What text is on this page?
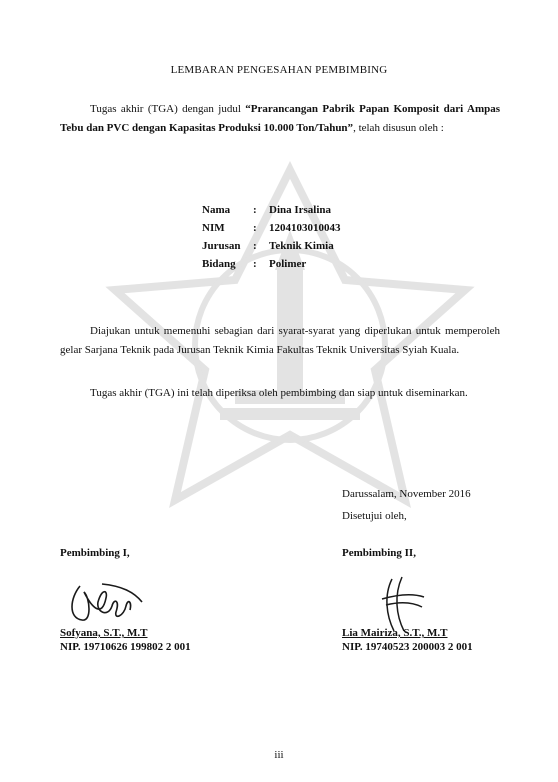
LEMBARAN PENGESAHAN PEMBIMBING
Tugas akhir (TGA) dengan judul “Prarancangan Pabrik Papan Komposit dari Ampas Tebu dan PVC dengan Kapasitas Produksi 10.000 Ton/Tahun”, telah disusun oleh :
Nama	:	Dina Irsalina
NIM	:	1204103010043
Jurusan	:	Teknik Kimia
Bidang	:	Polimer
Diajukan untuk memenuhi sebagian dari syarat-syarat yang diperlukan untuk memperoleh gelar Sarjana Teknik pada Jurusan Teknik Kimia Fakultas Teknik Universitas Syiah Kuala.
Tugas akhir (TGA) ini telah diperiksa oleh pembimbing dan siap untuk diseminarkan.
Darussalam, November 2016
Disetujui oleh,
Pembimbing I,	Pembimbing II,
Sofyana, S.T., M.T
NIP. 19710626 199802 2 001
Lia Mairiza, S.T., M.T
NIP. 19740523 200003 2 001
iii
